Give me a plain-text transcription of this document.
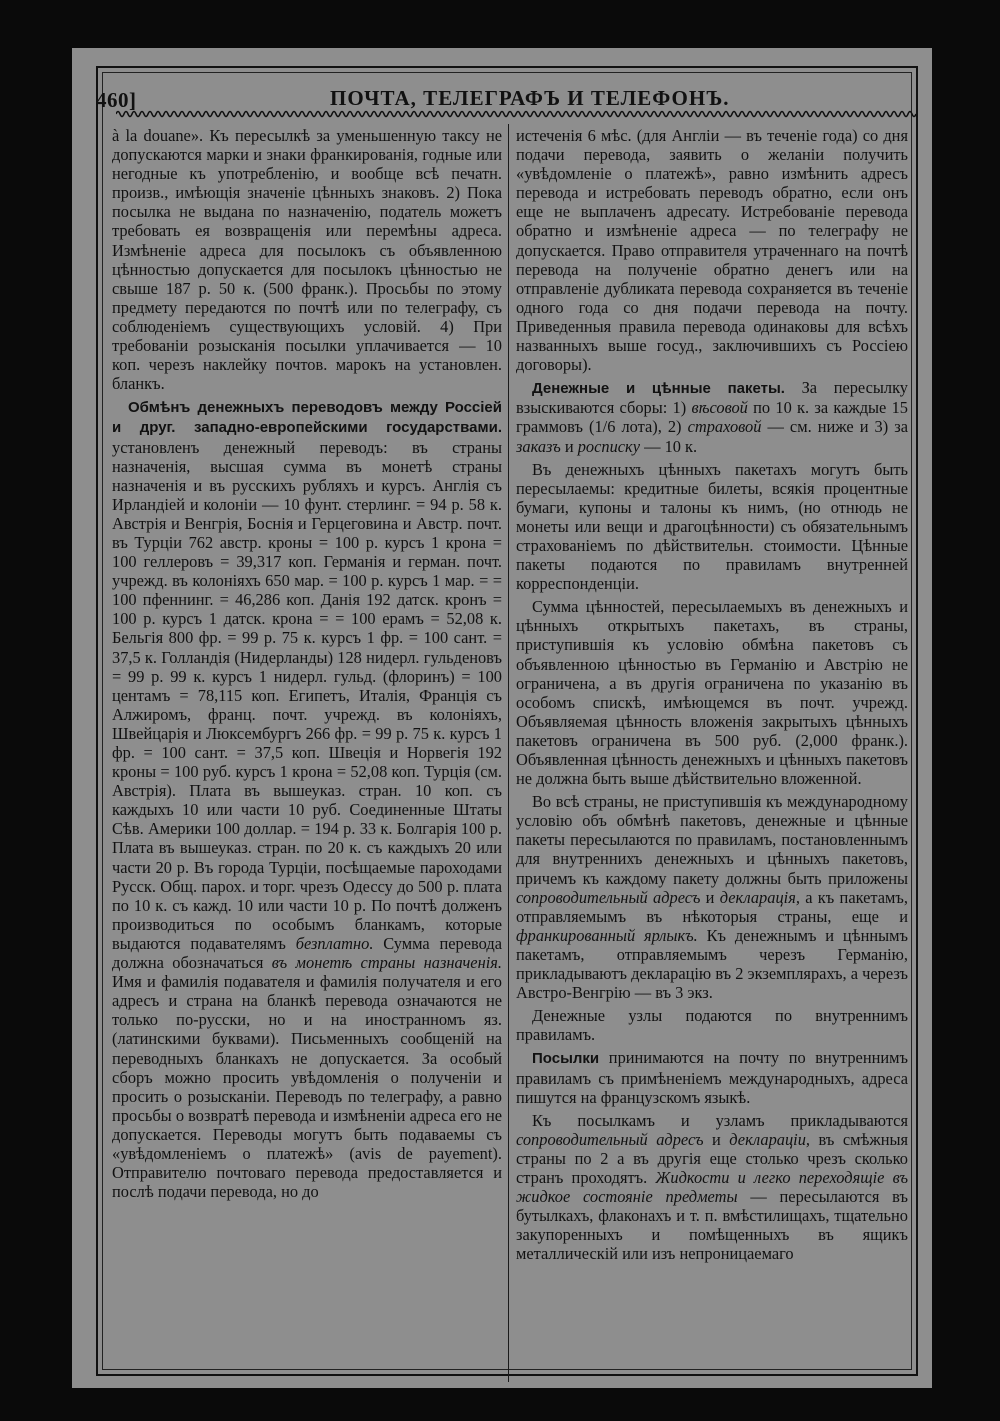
460]	ПОЧТА, ТЕЛЕГРАФЪ И ТЕЛЕФОНЪ.

à la douane». Къ пересылкѣ за уменьшенную таксу не допускаются марки и знаки франкированія, годные или негодные къ употребленію, и вообще всѣ печатн. произв., имѣющія значеніе цѣнныхъ знаковъ. 2) Пока посылка не выдана по назначенію, податель можетъ требовать ея возвращенія или перемѣны адреса. Измѣненіе адреса для посылокъ съ объявленною цѣнностью допускается для посылокъ цѣнностью не свыше 187 р. 50 к. (500 франк.). Просьбы по этому предмету передаются по почтѣ или по телеграфу, съ соблюденіемъ существующихъ условій. 4) При требованіи розысканія посылки уплачивается — 10 коп. черезъ наклейку почтов. марокъ на установлен. бланкъ.

Обмѣнъ денежныхъ переводовъ между Россіей и друг. западно-европейскими государствами. установленъ денежный переводъ: въ страны назначенія, высшая сумма въ монетѣ страны назначенія и въ русскихъ рубляхъ и курсъ. Англія съ Ирландіей и колоніи — 10 фунт. стерлинг. = 94 р. 58 к. Австрія и Венгрія, Боснія и Герцеговина и Австр. почт. въ Турціи 762 австр. кроны = 100 р. курсъ 1 крона = 100 геллеровъ = 39,317 коп. Германія и герман. почт. учрежд. въ колоніяхъ 650 мар. = 100 р. курсъ 1 мар. = = 100 пфеннинг. = 46,286 коп. Данія 192 датск. кронъ = 100 р. курсъ 1 датск. крона = = 100 ерамъ = 52,08 к. Бельгія 800 фр. = 99 р. 75 к. курсъ 1 фр. = 100 сант. = 37,5 к. Голландія (Нидерланды) 128 нидерл. гульденовъ = 99 р. 99 к. курсъ 1 нидерл. гульд. (флоринъ) = 100 центамъ = 78,115 коп. Египетъ, Италія, Франція съ Алжиромъ, франц. почт. учрежд. въ колоніяхъ, Швейцарія и Люксембургъ 266 фр. = 99 р. 75 к. курсъ 1 фр. = 100 сант. = 37,5 коп. Швеція и Норвегія 192 кроны = 100 руб. курсъ 1 крона = 52,08 коп. Турція (см. Австрія). Плата въ вышеуказ. стран. 10 коп. съ каждыхъ 10 или части 10 руб. Соединенные Штаты Сѣв. Америки 100 доллар. = 194 р. 33 к. Болгарія 100 р. Плата въ вышеуказ. стран. по 20 к. съ каждыхъ 20 или части 20 р. Въ города Турціи, посѣщаемые пароходами Русск. Общ. парох. и торг. чрезъ Одессу до 500 р. плата по 10 к. съ кажд. 10 или части 10 р. По почтѣ долженъ производиться по особымъ бланкамъ, которые выдаются подавателямъ безплатно. Сумма перевода должна обозначаться въ монетѣ страны назначенія. Имя и фамилія подавателя и фамилія получателя и его адресъ и страна на бланкѣ перевода означаются не только по-русски, но и на иностранномъ яз. (латинскими буквами). Письменныхъ сообщеній на переводныхъ бланкахъ не допускается. За особый сборъ можно просить увѣдомленія о полученіи и просить о розысканіи. Переводъ по телеграфу, а равно просьбы о возвратѣ перевода и измѣненіи адреса его не допускается. Переводы могутъ быть подаваемы съ «увѣдомленіемъ о платежѣ» (avis de payement). Отправителю почтоваго перевода предоставляется и послѣ подачи перевода, но до

истеченія 6 мѣс. (для Англіи — въ теченіе года) со дня подачи перевода, заявить о желаніи получить «увѣдомленіе о платежѣ», равно измѣнить адресъ перевода и истребовать переводъ обратно, если онъ еще не выплаченъ адресату. Истребованіе перевода обратно и измѣненіе адреса — по телеграфу не допускается. Право отправителя утраченнаго на почтѣ перевода на полученіе обратно денегъ или на отправленіе дубликата перевода сохраняется въ теченіе одного года со дня подачи перевода на почту. Приведенныя правила перевода одинаковы для всѣхъ названныхъ выше госуд., заключившихъ съ Россіею договоры).

Денежные и цѣнные пакеты. За пересылку взыскиваются сборы: 1) вѣсовой по 10 к. за каждые 15 граммовъ (1/6 лота), 2) страховой — см. ниже и 3) за заказъ и росписку — 10 к.

Въ денежныхъ цѣнныхъ пакетахъ могутъ быть пересылаемы: кредитные билеты, всякія процентные бумаги, купоны и талоны къ нимъ, (но отнюдь не монеты или вещи и драгоцѣнности) съ обязательнымъ страхованіемъ по дѣйствительн. стоимости. Цѣнные пакеты подаются по правиламъ внутренней корреспонденціи.

Сумма цѣнностей, пересылаемыхъ въ денежныхъ и цѣнныхъ открытыхъ пакетахъ, въ страны, приступившія къ условію обмѣна пакетовъ съ объявленною цѣнностью въ Германію и Австрію не ограничена, а въ другія ограничена по указанію въ особомъ спискѣ, имѣющемся въ почт. учрежд. Объявляемая цѣнность вложенія закрытыхъ цѣнныхъ пакетовъ ограничена въ 500 руб. (2,000 франк.). Объявленная цѣнность денежныхъ и цѣнныхъ пакетовъ не должна быть выше дѣйствительно вложенной.

Во всѣ страны, не приступившія къ международному условію объ обмѣнѣ пакетовъ, денежные и цѣнные пакеты пересылаются по правиламъ, постановленнымъ для внутреннихъ денежныхъ и цѣнныхъ пакетовъ, причемъ къ каждому пакету должны быть приложены сопроводительный адресъ и декларація, а къ пакетамъ, отправляемымъ въ нѣкоторыя страны, еще и франкированный ярлыкъ. Къ денежнымъ и цѣннымъ пакетамъ, отправляемымъ черезъ Германію, прикладываютъ декларацію въ 2 экземплярахъ, а черезъ Австро-Венгрію — въ 3 экз.

Денежные узлы подаются по внутреннимъ правиламъ.

Посылки принимаются на почту по внутреннимъ правиламъ съ примѣненіемъ международныхъ, адреса пишутся на французскомъ языкѣ.

Къ посылкамъ и узламъ прикладываются сопроводительный адресъ и деклараціи, въ смѣжныя страны по 2 а въ другія еще столько чрезъ сколько странъ проходятъ. Жидкости и легко переходящіе въ жидкое состояніе предметы — пересылаются въ бутылкахъ, флаконахъ и т. п. вмѣстилищахъ, тщательно закупоренныхъ и помѣщенныхъ въ ящикъ металлическій или изъ непроницаемаго
